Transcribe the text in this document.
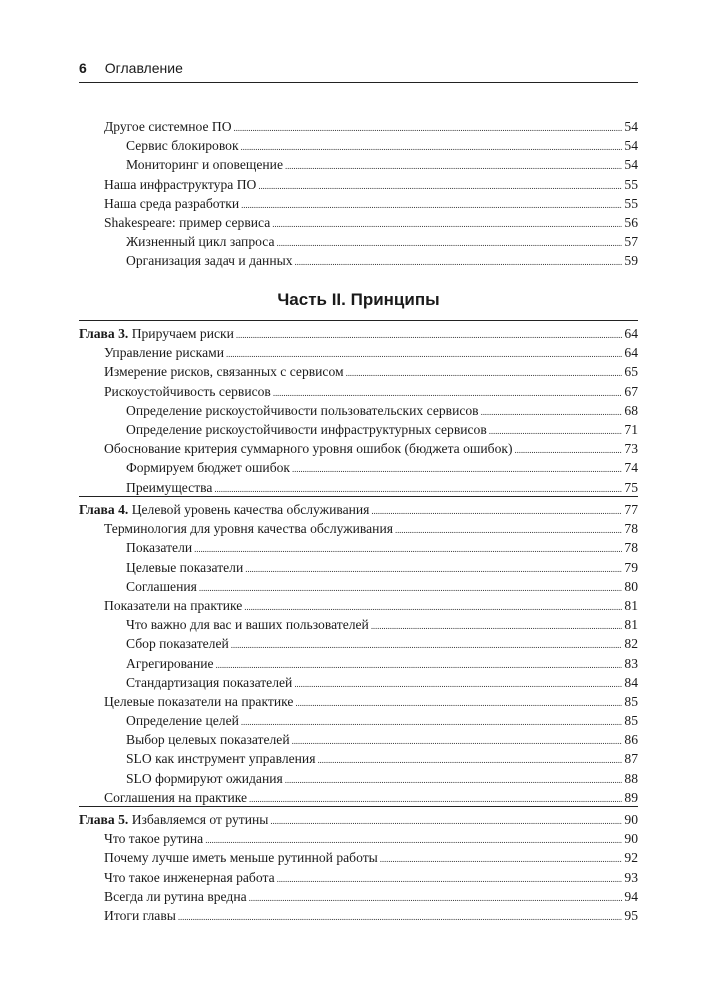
6 Оглавление
Другое системное ПО . . .	54
Сервис блокировок . . .	54
Мониторинг и оповещение . . .	54
Наша инфраструктура ПО . . .	55
Наша среда разработки . . .	55
Shakespeare: пример сервиса . . .	56
Жизненный цикл запроса . . .	57
Организация задач и данных . . .	59
Часть II. Принципы
Глава 3. Приручаем риски . . .	64
Управление рисками . . .	64
Измерение рисков, связанных с сервисом . . .	65
Рискоустойчивость сервисов . . .	67
Определение рискоустойчивости пользовательских сервисов . . .	68
Определение рискоустойчивости инфраструктурных сервисов . . .	71
Обоснование критерия суммарного уровня ошибок (бюджета ошибок) . . .	73
Формируем бюджет ошибок . . .	74
Преимущества . . .	75
Глава 4. Целевой уровень качества обслуживания . . .	77
Терминология для уровня качества обслуживания . . .	78
Показатели . . .	78
Целевые показатели . . .	79
Соглашения . . .	80
Показатели на практике . . .	81
Что важно для вас и ваших пользователей . . .	81
Сбор показателей . . .	82
Агрегирование . . .	83
Стандартизация показателей . . .	84
Целевые показатели на практике . . .	85
Определение целей . . .	85
Выбор целевых показателей . . .	86
SLO как инструмент управления . . .	87
SLO формируют ожидания . . .	88
Соглашения на практике . . .	89
Глава 5. Избавляемся от рутины . . .	90
Что такое рутина . . .	90
Почему лучше иметь меньше рутинной работы . . .	92
Что такое инженерная работа . . .	93
Всегда ли рутина вредна . . .	94
Итоги главы . . .	95
